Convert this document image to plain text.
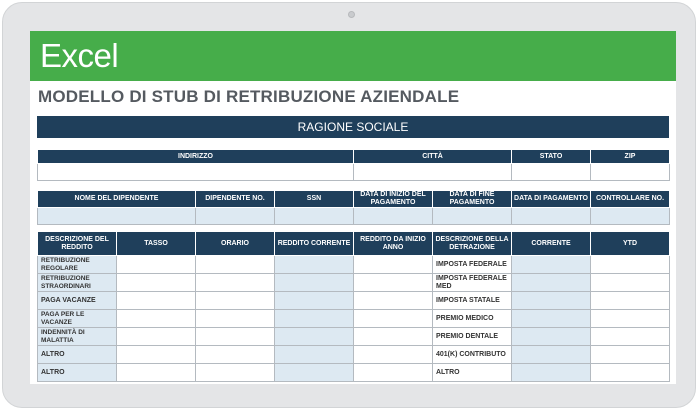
Excel
MODELLO DI STUB DI RETRIBUZIONE AZIENDALE
RAGIONE SOCIALE
INDIRIZZO	CITTÀ	STATO	ZIP

NOME DEL DIPENDENTE	DIPENDENTE NO.	SSN	DATA DI INIZIO DEL PAGAMENTO	DATA DI FINE PAGAMENTO	DATA DI PAGAMENTO	CONTROLLARE NO.

DESCRIZIONE DEL REDDITO	TASSO	ORARIO	REDDITO CORRENTE	REDDITO DA INIZIO ANNO	DESCRIZIONE DELLA DETRAZIONE	CORRENTE	YTD
RETRIBUZIONE REGOLARE					IMPOSTA FEDERALE		
RETRIBUZIONE STRAORDINARI					IMPOSTA FEDERALE MED		
PAGA VACANZE					IMPOSTA STATALE		
PAGA PER LE VACANZE					PREMIO MEDICO		
INDENNITÀ DI MALATTIA					PREMIO DENTALE		
ALTRO					401(K) CONTRIBUTO		
ALTRO					ALTRO		
